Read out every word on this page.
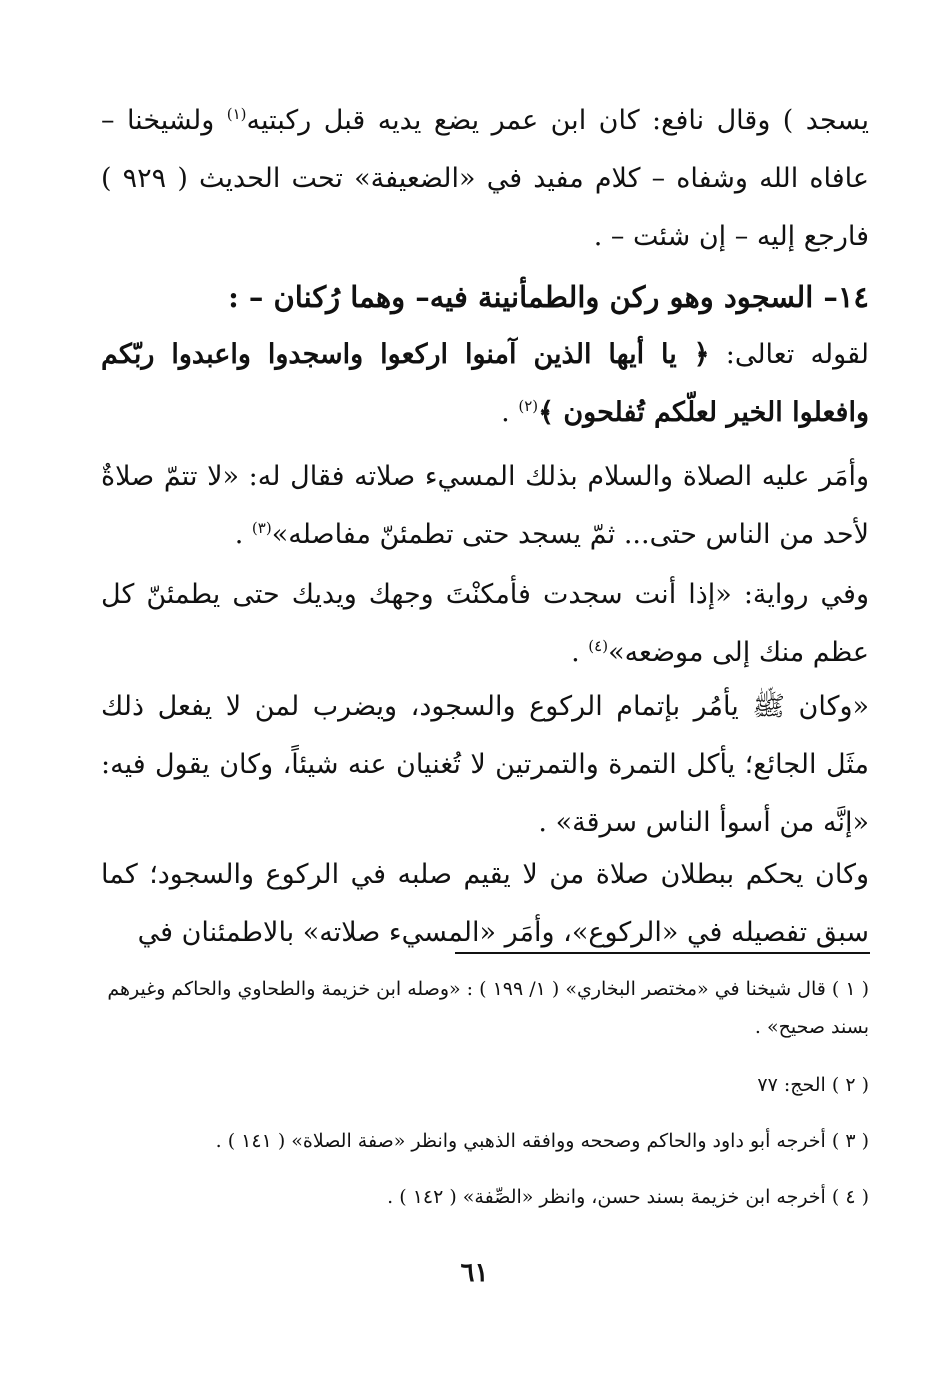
يسجد ) وقال نافع: كان ابن عمر يضع يديه قبل ركبتيه$^{(١)}$ ولشيخنا – عافاه الله وشفاه – كلام مفيد في «الضعيفة» تحت الحديث ( ٩٢٩ ) فارجع إليه – إن شئت – .

١٤– السجود وهو ركن والطمأنينة فيه– وهما رُكنان – :

لقوله تعالى: ﴿ يا أيها الذين آمنوا اركعوا واسجدوا واعبدوا ربّكم وافعلوا الخير لعلّكم تُفلحون ﴾$^{(٢)}$ .

وأمَر عليه الصلاة والسلام بذلك المسيء صلاته فقال له: «لا تتمّ صلاةٌ لأحد من الناس حتى... ثمّ يسجد حتى تطمئنّ مفاصله»$^{(٣)}$ .

وفي رواية: «إذا أنت سجدت فأمكنْتَ وجهك ويديك حتى يطمئنّ كل عظم منك إلى موضعه»$^{(٤)}$ .

«وكان ﷺ يأمُر بإتمام الركوع والسجود، ويضرب لمن لا يفعل ذلك مثَل الجائع؛ يأكل التمرة والتمرتين لا تُغنيان عنه شيئاً، وكان يقول فيه: «إنَّه من أسوأ الناس سرقة» .

وكان يحكم ببطلان صلاة من لا يقيم صلبه في الركوع والسجود؛ كما سبق تفصيله في «الركوع»، وأمَر «المسيء صلاته» بالاطمئنان في

( ١ ) قال شيخنا في «مختصر البخاري» ( ١/ ١٩٩ ) : «وصله ابن خزيمة والطحاوي والحاكم وغيرهم بسند صحيح» .
( ٢ ) الحج: ٧٧
( ٣ ) أخرجه أبو داود والحاكم وصححه ووافقه الذهبي وانظر «صفة الصلاة» ( ١٤١ ) .
( ٤ ) أخرجه ابن خزيمة بسند حسن، وانظر «الصِّفة» ( ١٤٢ ) .
٦١
